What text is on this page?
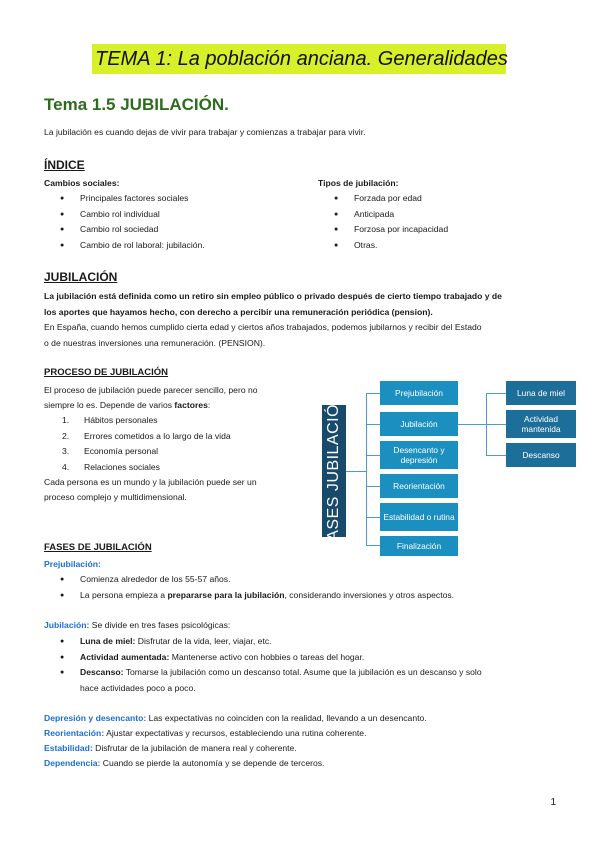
TEMA 1: La población anciana. Generalidades
Tema 1.5 JUBILACIÓN.
La jubilación es cuando dejas de vivir para trabajar y comienzas a trabajar para vivir.
ÍNDICE
Cambios sociales:
● Principales factores sociales
● Cambio rol individual
● Cambio rol sociedad
● Cambio de rol laboral: jubilación.
Tipos de jubilación:
● Forzada por edad
● Anticipada
● Forzosa por incapacidad
● Otras.
JUBILACIÓN
La jubilación está definida como un retiro sin empleo público o privado después de cierto tiempo trabajado y de
los aportes que hayamos hecho, con derecho a percibir una remuneración periódica (pension).
En España, cuando hemos cumplido cierta edad y ciertos años trabajados, podemos jubilarnos y recibir del Estado
o de nuestras inversiones una remuneración. (PENSION).
PROCESO DE JUBILACIÓN
El proceso de jubilación puede parecer sencillo, pero no
siempre lo es. Depende de varios factores:
1. Hábitos personales
2. Errores cometidos a lo largo de la vida
3. Economía personal
4. Relaciones sociales
Cada persona es un mundo y la jubilación puede ser un
proceso complejo y multidimensional.	FASES JUBILACIÓN	Prejubilación
Jubilación
Desencanto y depresión
Reorientación
Estabilidad o rutina
Finalización
Luna de miel
Actividad mantenida
Descanso
FASES DE JUBILACIÓN
Prejubilación:
● Comienza alrededor de los 55-57 años.
● La persona empieza a prepararse para la jubilación, considerando inversiones y otros aspectos.
Jubilación: Se divide en tres fases psicológicas:
● Luna de miel: Disfrutar de la vida, leer, viajar, etc.
● Actividad aumentada: Mantenerse activo con hobbies o tareas del hogar.
● Descanso: Tomarse la jubilación como un descanso total. Asume que la jubilación es un descanso y solo
hace actividades poco a poco.
Depresión y desencanto: Las expectativas no coinciden con la realidad, llevando a un desencanto.
Reorientación: Ajustar expectativas y recursos, estableciendo una rutina coherente.
Estabilidad: Disfrutar de la jubilación de manera real y coherente.
Dependencia: Cuando se pierde la autonomía y se depende de terceros.
1
